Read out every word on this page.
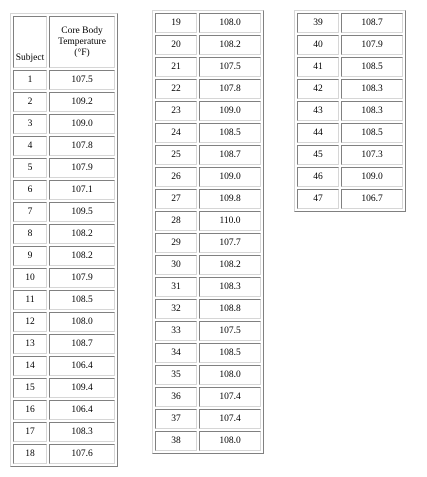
Subject	Core Body
Temperature
(°F)
1	107.5
2	109.2
3	109.0
4	107.8
5	107.9
6	107.1
7	109.5
8	108.2
9	108.2
10	107.9
11	108.5
12	108.0
13	108.7
14	106.4
15	109.4
16	106.4
17	108.3
18	107.6
19	108.0
20	108.2
21	107.5
22	107.8
23	109.0
24	108.5
25	108.7
26	109.0
27	109.8
28	110.0
29	107.7
30	108.2
31	108.3
32	108.8
33	107.5
34	108.5
35	108.0
36	107.4
37	107.4
38	108.0
39	108.7
40	107.9
41	108.5
42	108.3
43	108.3
44	108.5
45	107.3
46	109.0
47	106.7
